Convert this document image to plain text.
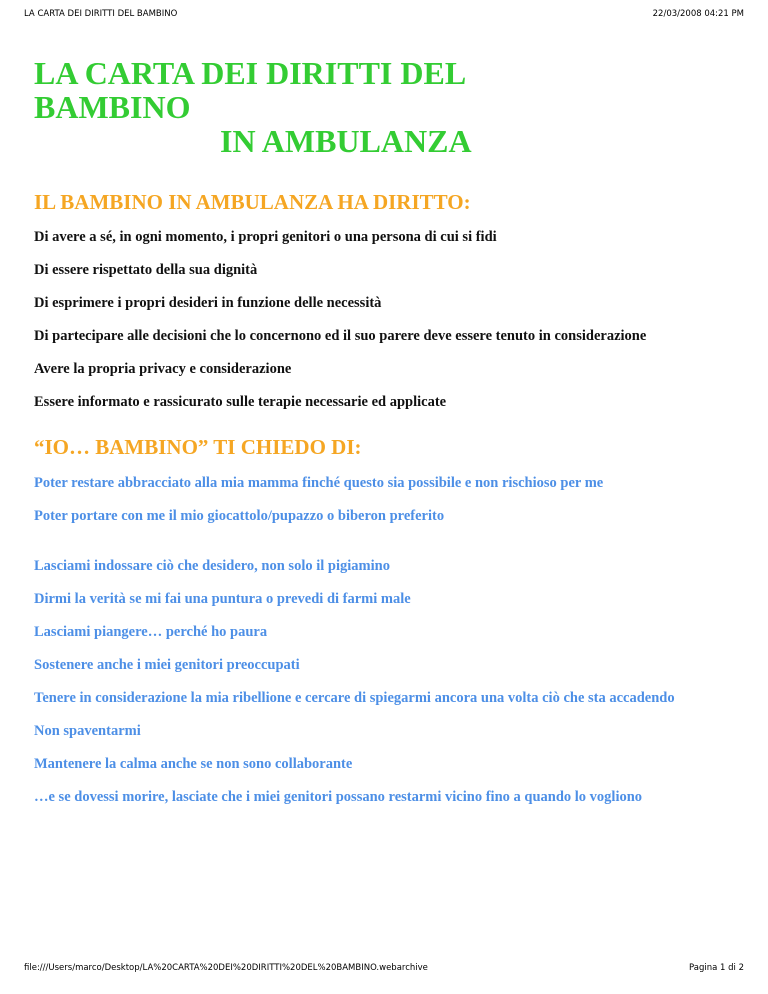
LA CARTA DEI DIRITTI DEL BAMBINO	22/03/2008 04:21 PM
LA CARTA DEI DIRITTI DEL
BAMBINO
IN AMBULANZA
IL BAMBINO IN AMBULANZA HA DIRITTO:
Di avere a sé, in ogni momento, i propri genitori o una persona di cui si fidi
Di essere rispettato della sua dignità
Di esprimere i propri desideri in funzione delle necessità
Di partecipare alle decisioni che lo concernono ed il suo parere deve essere tenuto in considerazione
Avere la propria privacy e considerazione
Essere informato e rassicurato sulle terapie necessarie ed applicate
“IO… BAMBINO” TI CHIEDO DI:
Poter restare abbracciato alla mia mamma finché questo sia possibile e non rischioso per me
Poter portare con me il mio giocattolo/pupazzo o biberon preferito
Lasciami indossare ciò che desidero, non solo il pigiamino
Dirmi la verità se mi fai una puntura o prevedi di farmi male
Lasciami piangere… perché ho paura
Sostenere anche i miei genitori preoccupati
Tenere in considerazione la mia ribellione e cercare di spiegarmi ancora una volta ciò che sta accadendo
Non spaventarmi
Mantenere la calma anche se non sono collaborante
…e se dovessi morire, lasciate che i miei genitori possano restarmi vicino fino a quando lo vogliono
file:///Users/marco/Desktop/LA%20CARTA%20DEI%20DIRITTI%20DEL%20BAMBINO.webarchive	Pagina 1 di 2
